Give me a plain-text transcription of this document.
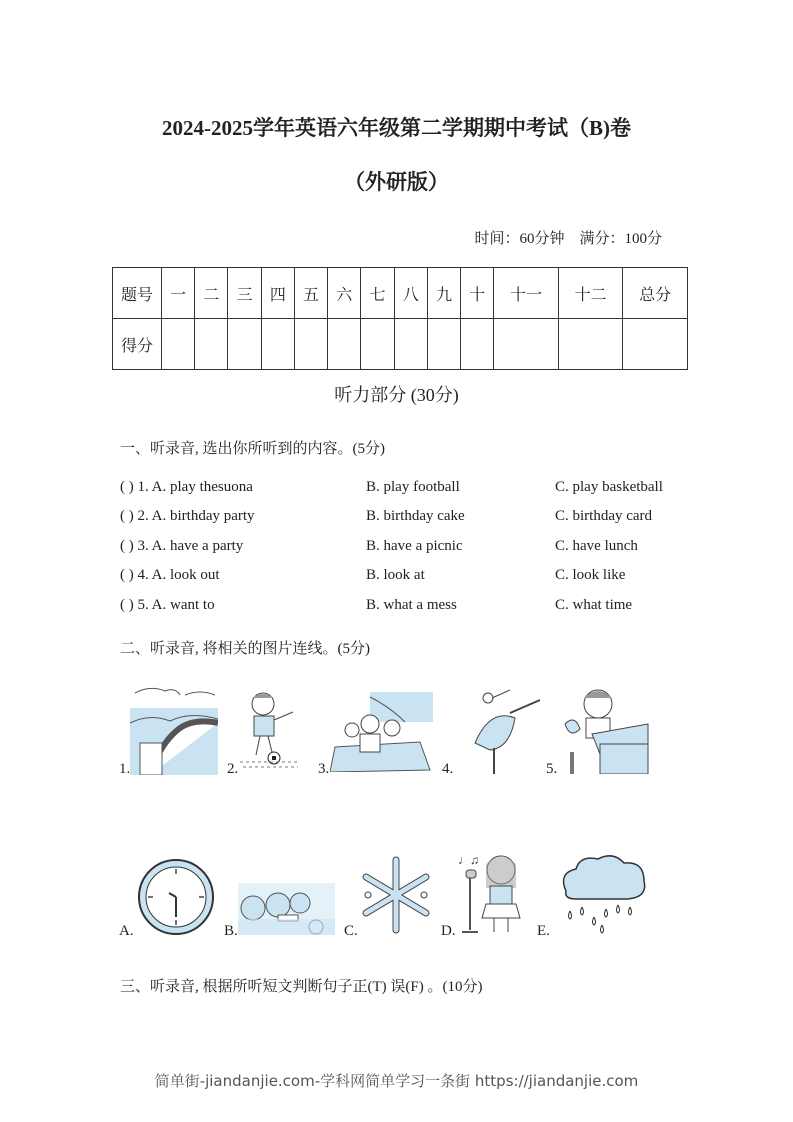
2024-2025学年英语六年级第二学期期中考试（B)卷
（外研版）
时间：60分钟 满分：100分
题号	一	二	三	四	五	六	七	八	九	十	十一	十二	总分
得分													
听力部分 (30分)
一、听录音, 选出你所听到的内容。(5分)
( ) 1. A. play thesuona	B. play football	C. play basketball
( ) 2. A. birthday party	B. birthday cake	C. birthday card
( ) 3. A. have a party	B. have a picnic	C. have lunch
( ) 4. A. look out	B. look at	C. look like
( ) 5. A. want to	B. what a mess	C. what time
二、听录音, 将相关的图片连线。(5分)
1.	2.	3.	4.	5.
A.	B.	C.	D.
♩♫
E.
三、听录音, 根据所听短文判断句子正(T) 误(F) 。(10分)
简单街-jiandanjie.com-学科网简单学习一条街 https://jiandanjie.com
